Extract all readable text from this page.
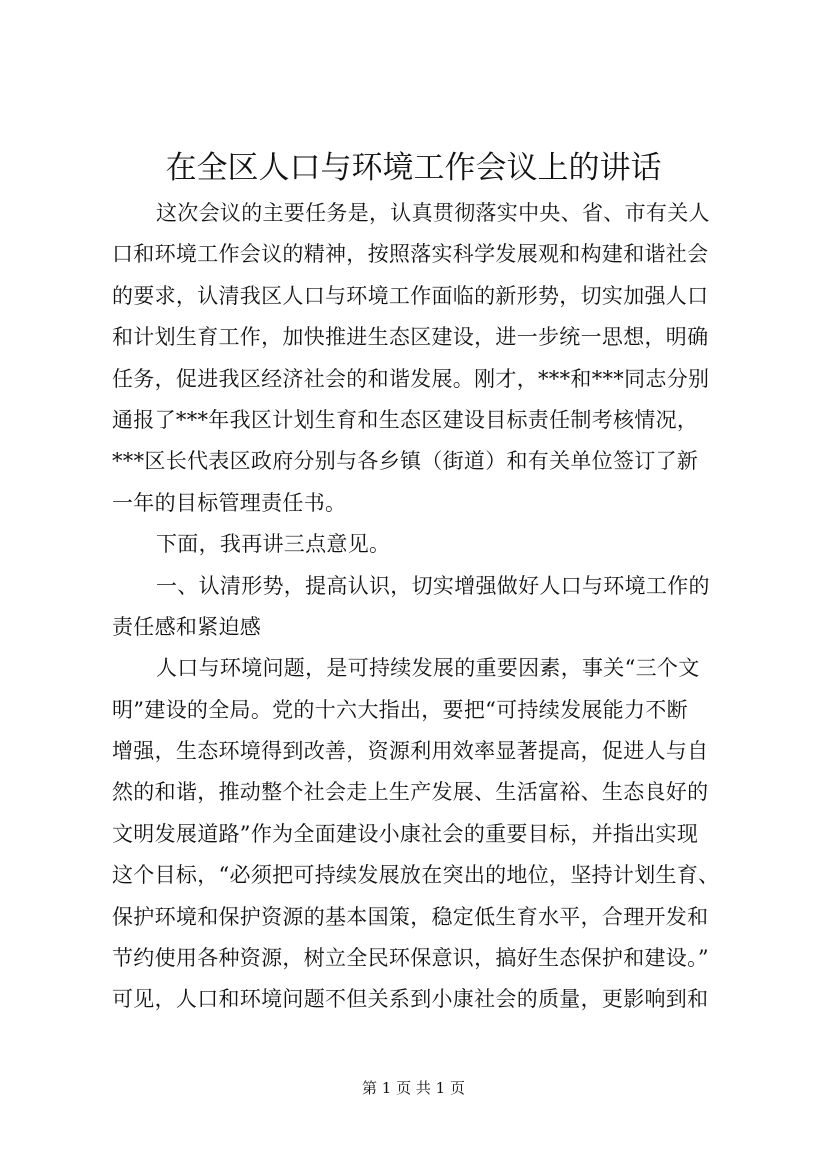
在全区人口与环境工作会议上的讲话
这次会议的主要任务是，认真贯彻落实中央、省、市有关人
口和环境工作会议的精神，按照落实科学发展观和构建和谐社会
的要求，认清我区人口与环境工作面临的新形势，切实加强人口
和计划生育工作，加快推进生态区建设，进一步统一思想，明确
任务，促进我区经济社会的和谐发展。刚才，***和***同志分别
通报了***年我区计划生育和生态区建设目标责任制考核情况，
***区长代表区政府分别与各乡镇（街道）和有关单位签订了新
一年的目标管理责任书。
下面，我再讲三点意见。
一、认清形势，提高认识，切实增强做好人口与环境工作的
责任感和紧迫感
人口与环境问题，是可持续发展的重要因素，事关“三个文
明”建设的全局。党的十六大指出，要把“可持续发展能力不断
增强，生态环境得到改善，资源利用效率显著提高，促进人与自
然的和谐，推动整个社会走上生产发展、生活富裕、生态良好的
文明发展道路”作为全面建设小康社会的重要目标，并指出实现
这个目标，“必须把可持续发展放在突出的地位，坚持计划生育、
保护环境和保护资源的基本国策，稳定低生育水平，合理开发和
节约使用各种资源，树立全民环保意识，搞好生态保护和建设。”
可见，人口和环境问题不但关系到小康社会的质量，更影响到和
第 1 页 共 1 页
